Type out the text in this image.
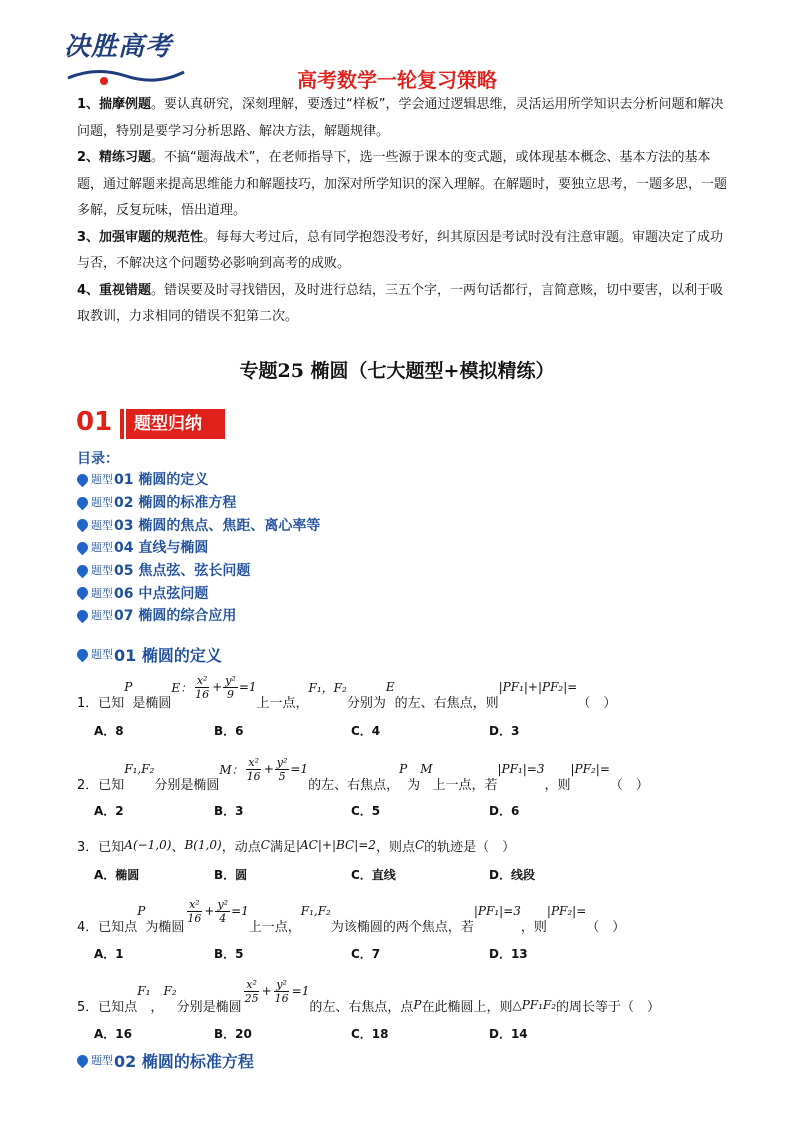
决胜高考
高考数学一轮复习策略

1、揣摩例题。要认真研究，深刻理解，要透过“样板”，学会通过逻辑思维，灵活运用所学知识去分析问题和解决问题，特别是要学习分析思路、解决方法，解题规律。

2、精练习题。不搞“题海战术”，在老师指导下，选一些源于课本的变式题，或体现基本概念、基本方法的基本题，通过解题来提高思维能力和解题技巧，加深对所学知识的深入理解。在解题时，要独立思考，一题多思，一题多解，反复玩味，悟出道理。

3、加强审题的规范性。每每大考过后，总有同学抱怨没考好，纠其原因是考试时没有注意审题。审题决定了成功与否，不解决这个问题势必影响到高考的成败。

4、重视错题。错误要及时寻找错因，及时进行总结，三五个字，一两句话都行，言简意赅，切中要害，以利于吸取教训，力求相同的错误不犯第二次。

专题25 椭圆（七大题型+模拟精练）
01	题型归纳
目录：
题型 01 椭圆的定义
题型 02 椭圆的标准方程
题型 03 椭圆的焦点、焦距、离心率等
题型 04 直线与椭圆
题型 05 焦点弦、弦长问题
题型 06 中点弦问题
题型 07 椭圆的综合应用
题型 01 椭圆的定义
1．已知
P
是椭圆
E： $\frac{\text{x²}}{16} + \frac{\text{y²}}{9} =1$
上一点，
F₁，F₂
分别为
E
的左、右焦点，则
|PF₁|+|PF₂|=
（　）
A．8	B．6	C．4	D．3
2．已知
F₁,F₂
分别是椭圆
M： $\frac{\text{x²}}{16} + \frac{\text{y²}}{5} =1$
的左、右焦点，
P
为
M
上一点，若
|PF₁|=3
，则
|PF₂|=
（　）
A．2	B．3	C．5	D．6
3．已知 A(−1,0) 、 B(1,0) ，动点 C 满足 |AC|+|BC|=2 ，则点 C 的轨迹是（　）
A．椭圆	B．圆	C．直线	D．线段
4．已知点
P
为椭圆
$\frac{\text{x²}}{16} + \frac{\text{y²}}{4} =1$
上一点，
F₁,F₂
为该椭圆的两个焦点，若
|PF₁|=3
，则
|PF₂|=
（　）
A．1	B．5	C．7	D．13
5．已知点
F₁
，
F₂
分别是椭圆
$\frac{\text{x²}}{25} + \frac{\text{y²}}{16} =1$
的左、右焦点，点 P 在此椭圆上，则 △PF₁F₂ 的周长等于（　）
A．16	B．20	C．18	D．14
题型 02 椭圆的标准方程
